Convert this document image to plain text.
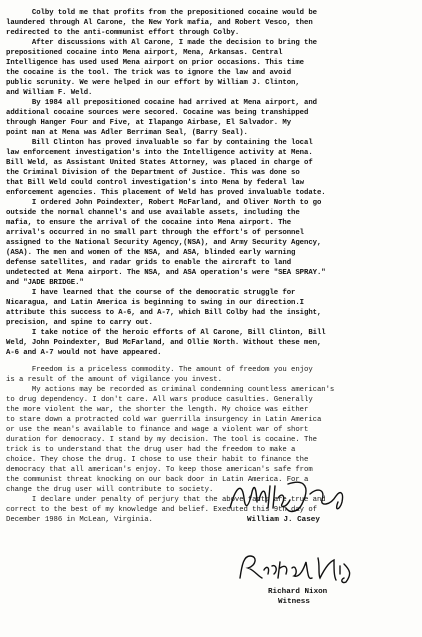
Colby told me that profits from the prepositioned cocaine would be
laundered through Al Carone, the New York mafia, and Robert Vesco, then
redirected to the anti-communist effort through Colby.
After discussions with Al Carone, I made the decision to bring the
prepositioned cocaine into Mena airport, Mena, Arkansas. Central
Intelligence has used used Mena airport on prior occasions. This time
the cocaine is the tool. The trick was to ignore the law and avoid
public scrunity. We were helped in our effort by William J. Clinton,
and William F. Weld.
By 1984 all prepositioned cocaine had arrived at Mena airport, and
additional cocaine sources were secored. Cocaine was being transhipped
through Hanger Four and Five, at Ilapango Airbase, El Salvador. My
point man at Mena was Adler Berriman Seal, (Barry Seal).
Bill Clinton has proved invaluable so far by containing the local
law enforcement investigation's into the Intelligence activity at Mena.
Bill Weld, as Assistant United States Attorney, was placed in charge of
the Criminal Division of the Department of Justice. This was done so
that Bill Weld could control investigation's into Mena by federal law
enforcement agencies. This placement of Weld has proved invaluable todate.
I ordered John Poindexter, Robert McFarland, and Oliver North to go
outside the normal channel's and use available assets, including the
mafia, to ensure the arrival of the cocaine into Mena airport. The
arrival's occurred in no small part through the effort's of personnel
assigned to the National Security Agency,(NSA), and Army Security Agency,
(ASA). The men and women of the NSA, and ASA, blinded early warning
defense satellites, and radar grids to enable the aircraft to land
undetected at Mena airport. The NSA, and ASA operation's were "SEA SPRAY."
and "JADE BRIDGE."
I have learned that the course of the democratic struggle for
Nicaragua, and Latin America is beginning to swing in our direction.I
attribute this success to A-6, and A-7, which Bill Colby had the insight,
precision, and spine to carry out.
I take notice of the heroic efforts of Al Carone, Bill Clinton, Bill
Weld, John Poindexter, Bud McFarland, and Ollie North. Without these men,
A-6 and A-7 would not have appeared.
Freedom is a priceless commodity. The amount of freedom you enjoy
is a result of the amount of vigilance you invest.
My actions may be recorded as criminal condemning countless american's
to drug dependency. I don't care. All wars produce casulties. Generally
the more violent the war, the shorter the length. My choice was either
to stare down a protracted cold war guerrilla insurgency in Latin America
or use the mean's available to finance and wage a violent war of short
duration for democracy. I stand by my decision. The tool is cocaine. The
trick is to understand that the drug user had the freedom to make a
choice. They chose the drug. I chose to use their habit to finance the
democracy that all american's enjoy. To keep those american's safe from
the communist threat knocking on our back door in Latin America. For a
change the drug user will contribute to society.
I declare under penalty of perjury that the above facts are true and
correct to the best of my knowledge and belief. Executed this 9th day of
December 1986 in McLean, Virginia.	William J. Casey
Richard Nixon
Witness
